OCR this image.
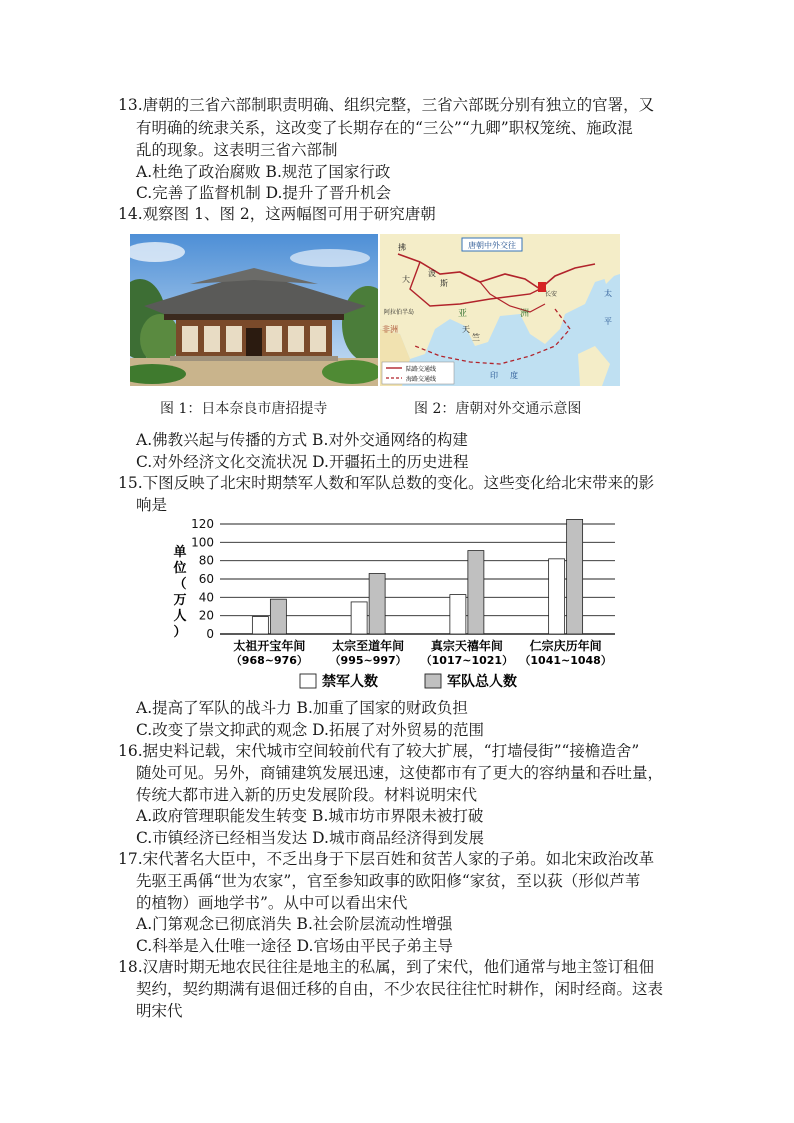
13.唐朝的三省六部制职责明确、组织完整，三省六部既分别有独立的官署，又
有明确的统隶关系，这改变了长期存在的“三公”“九卿”职权笼统、施政混
乱的现象。这表明三省六部制
A.杜绝了政治腐败 B.规范了国家行政
C.完善了监督机制 D.提升了晋升机会
14.观察图 1、图 2，这两幅图可用于研究唐朝
唐朝中外交往
拂
大
波
斯
亚	洲
天
竺
非洲
阿拉伯半岛
长安	太
平
印 度
陆路交通线
海路交通线
图 1：日本奈良市唐招提寺	图 2：唐朝对外交通示意图
A.佛教兴起与传播的方式 B.对外交通网络的构建
C.对外经济文化交流状况 D.开疆拓土的历史进程
15.下图反映了北宋时期禁军人数和军队总数的变化。这些变化给北宋带来的影
响是
单
位
（
万
人
） 0
20
40
60
80
100
120
太祖开宝年间
（968~976）
太宗至道年间
（995~997）
真宗天禧年间
（1017~1021）
仁宗庆历年间
（1041~1048）
禁军人数	军队总人数
A.提高了军队的战斗力 B.加重了国家的财政负担
C.改变了崇文抑武的观念 D.拓展了对外贸易的范围
16.据史料记载，宋代城市空间较前代有了较大扩展，“打墙侵街”“接檐造舍”
随处可见。另外，商铺建筑发展迅速，这使都市有了更大的容纳量和吞吐量，
传统大都市进入新的历史发展阶段。材料说明宋代
A.政府管理职能发生转变 B.城市坊市界限未被打破
C.市镇经济已经相当发达 D.城市商品经济得到发展
17.宋代著名大臣中，不乏出身于下层百姓和贫苦人家的子弟。如北宋政治改革
先驱王禹偁“世为农家”，官至参知政事的欧阳修“家贫，至以荻（形似芦苇
的植物）画地学书”。从中可以看出宋代
A.门第观念已彻底消失 B.社会阶层流动性增强
C.科举是入仕唯一途径 D.官场由平民子弟主导
18.汉唐时期无地农民往往是地主的私属，到了宋代，他们通常与地主签订租佃
契约，契约期满有退佃迁移的自由，不少农民往往忙时耕作，闲时经商。这表
明宋代
